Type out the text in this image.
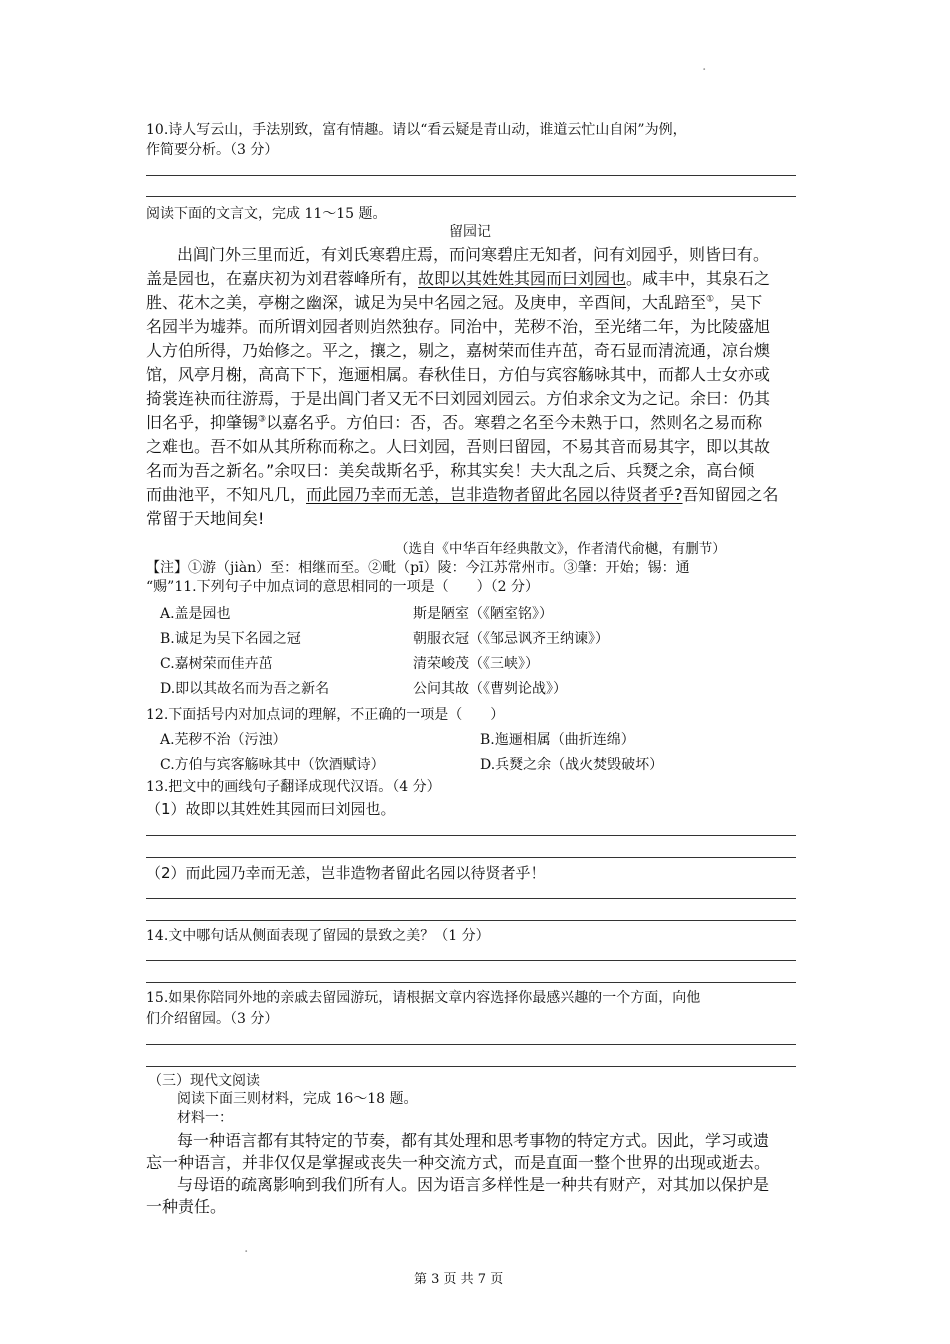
·
10.诗人写云山，手法别致，富有情趣。请以“看云疑是青山动，谁道云忙山自闲”为例，
作简要分析。（3 分）
阅读下面的文言文，完成 11～15 题。
留园记
出阊门外三里而近，有刘氏寒碧庄焉，而问寒碧庄无知者，问有刘园乎，则皆曰有。
盖是园也，在嘉庆初为刘君蓉峰所有，故即以其姓姓其园而曰刘园也。咸丰中，其泉石之
胜、花木之美，亭榭之幽深，诚足为吴中名园之冠。及庚申，辛酉间，大乱踣至①，吴下
名园半为墟莽。而所谓刘园者则岿然独存。同治中，芜秽不治，至光绪二年，为比陵盛旭
人方伯所得，乃始修之。平之，攘之，剔之，嘉树荣而佳卉茁，奇石显而清流通，凉台燠
馆，风亭月榭，高高下下，迤逦相属。春秋佳日，方伯与宾容觞咏其中，而都人士女亦或
掎裳连袂而往游焉，于是出阊门者又无不曰刘园刘园云。方伯求余文为之记。余曰：仍其
旧名乎，抑肇锡③以嘉名乎。方伯曰：否，否。寒碧之名至今未熟于口，然则名之易而称
之难也。吾不如从其所称而称之。人曰刘园，吾则曰留园，不易其音而易其字，即以其故
名而为吾之新名。”余叹曰：美矣哉斯名乎，称其实矣！夫大乱之后、兵燹之余，高台倾
而曲池平，不知凡几，而此园乃幸而无恙，岂非造物者留此名园以待贤者乎?吾知留园之名
常留于天地间矣!
（选自《中华百年经典散文》，作者清代俞樾，有删节）
【注】①游（jiàn）至：相继而至。②毗（pī）陵：今江苏常州市。③肇：开始；锡：通
“赐”11.下列句子中加点词的意思相同的一项是（　　）（2 分）
A.盖是园也	斯是陋室（《陋室铭》）
B.诚足为吴下名园之冠	朝服衣冠（《邹忌讽齐王纳谏》）
C.嘉树荣而佳卉茁	清荣峻茂（《三峡》）
D.即以其故名而为吾之新名	公问其故（《曹刿论战》）
12.下面括号内对加点词的理解，不正确的一项是（　　）
A.芜秽不治（污浊）	B.迤逦相属（曲折连绵）
C.方伯与宾客觞咏其中（饮酒赋诗）	D.兵燹之余（战火焚毁破坏）
13.把文中的画线句子翻译成现代汉语。（4 分）
（1）故即以其姓姓其园而曰刘园也。
（2）而此园乃幸而无恙，岂非造物者留此名园以待贤者乎！
14.文中哪句话从侧面表现了留园的景致之美？（1 分）
15.如果你陪同外地的亲戚去留园游玩，请根据文章内容选择你最感兴趣的一个方面，向他
们介绍留园。（3 分）
（三）现代文阅读
阅读下面三则材料，完成 16～18 题。
材料一：
每一种语言都有其特定的节奏，都有其处理和思考事物的特定方式。因此，学习或遗
忘一种语言，并非仅仅是掌握或丧失一种交流方式，而是直面一整个世界的出现或逝去。
与母语的疏离影响到我们所有人。因为语言多样性是一种共有财产，对其加以保护是
一种责任。
·
第 3 页 共 7 页
